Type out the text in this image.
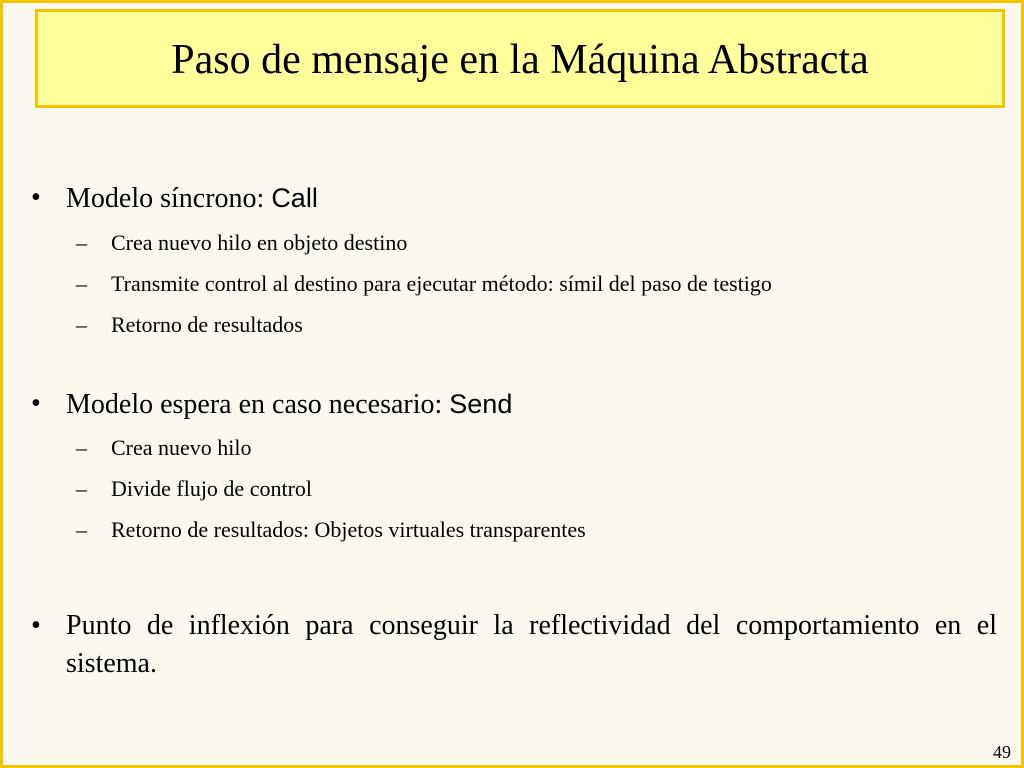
Paso de mensaje en la Máquina Abstracta
• Modelo síncrono: Call
– Crea nuevo hilo en objeto destino
– Transmite control al destino para ejecutar método: símil del paso de testigo
– Retorno de resultados
• Modelo espera en caso necesario: Send
– Crea nuevo hilo
– Divide flujo de control
– Retorno de resultados: Objetos virtuales transparentes
• Punto de inflexión para conseguir la reflectividad del comportamiento en el sistema.
49
